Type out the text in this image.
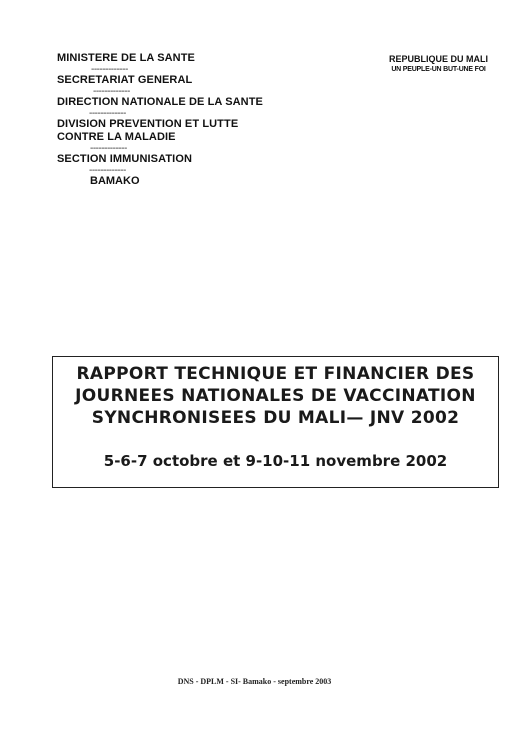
MINISTERE DE LA SANTE
-------------
SECRETARIAT GENERAL
-------------
DIRECTION NATIONALE DE LA SANTE
-------------
DIVISION PREVENTION ET LUTTE
CONTRE LA MALADIE
-------------
SECTION IMMUNISATION
-------------
BAMAKO
REPUBLIQUE DU MALI
UN PEUPLE-UN BUT-UNE FOI
RAPPORT TECHNIQUE ET FINANCIER DES
JOURNEES NATIONALES DE VACCINATION
SYNCHRONISEES DU MALI— JNV 2002
5-6-7 octobre et 9-10-11 novembre 2002
DNS - DPLM - SI- Bamako - septembre 2003
